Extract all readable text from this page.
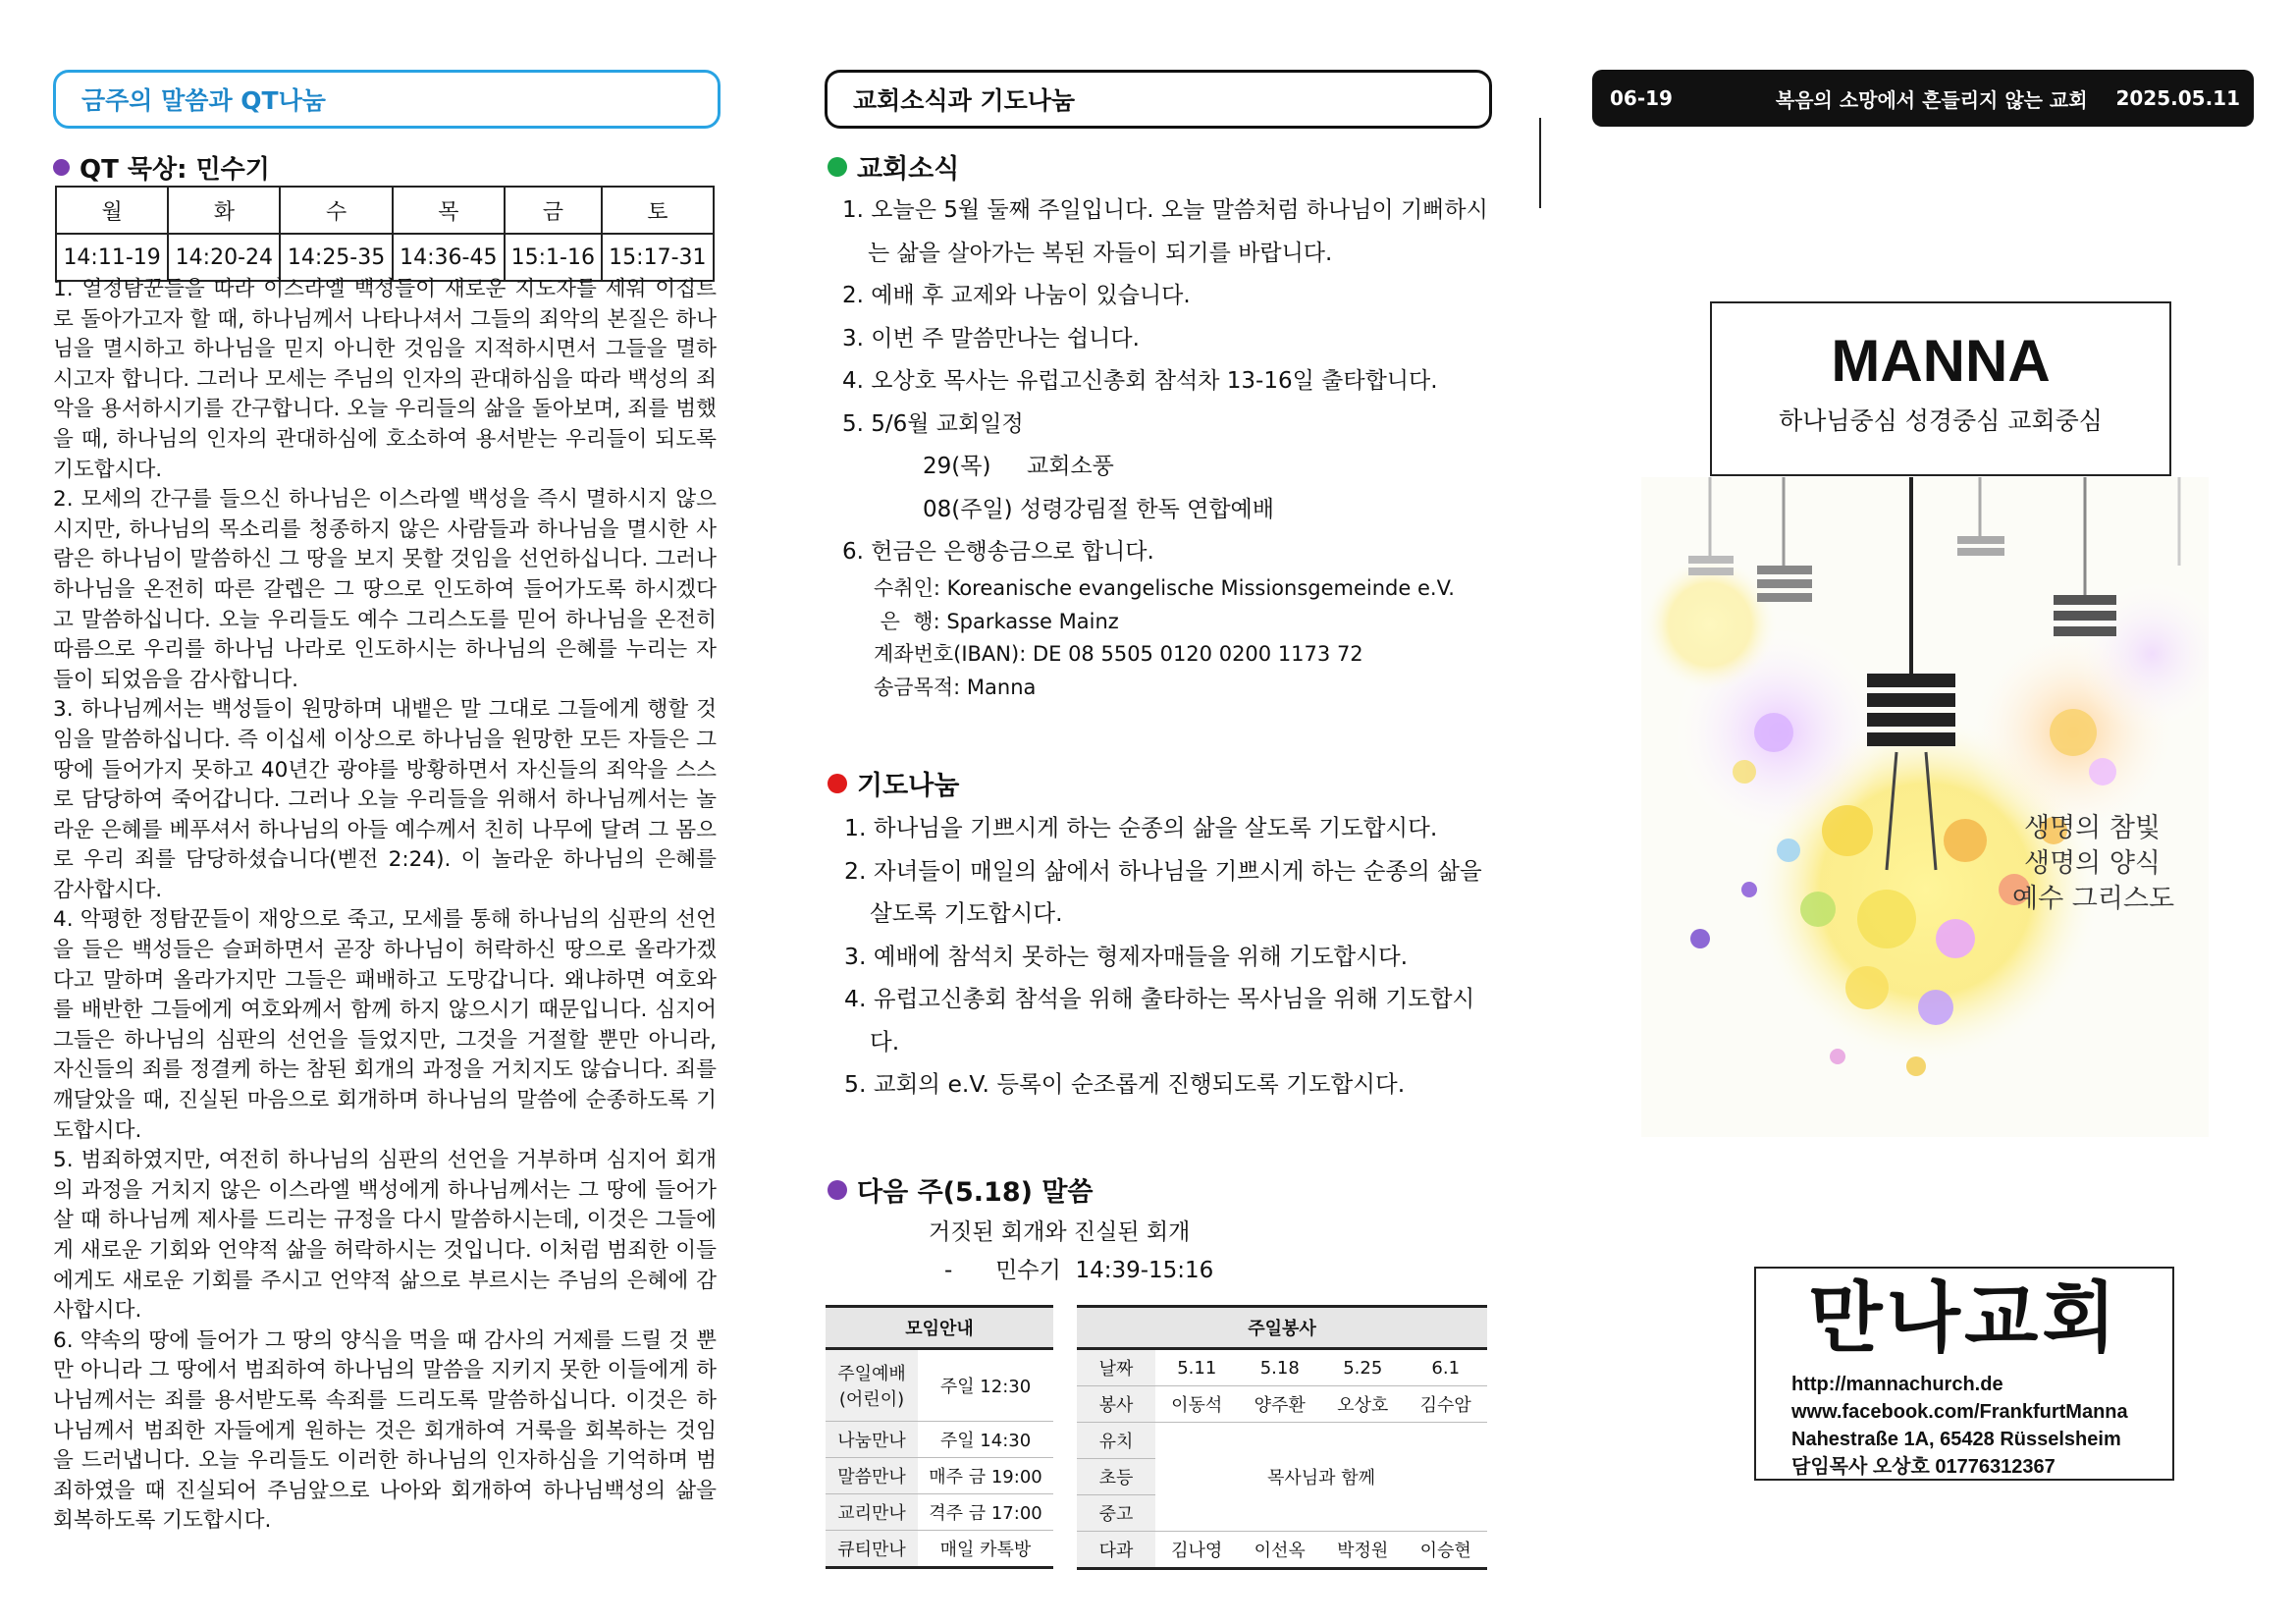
금주의 말씀과 QT나눔
QT 묵상: 민수기
월	화	수	목	금	토
14:11-19	14:20-24	14:25-35	14:36-45	15:1-16	15:17-31

1. 열정탐꾼들을 따라 이스라엘 백성들이 새로운 지도자를 세워 이집트로 돌아가고자 할 때, 하나님께서 나타나셔서 그들의 죄악의 본질은 하나님을 멸시하고 하나님을 믿지 아니한 것임을 지적하시면서 그들을 멸하시고자 합니다. 그러나 모세는 주님의 인자의 관대하심을 따라 백성의 죄악을 용서하시기를 간구합니다. 오늘 우리들의 삶을 돌아보며, 죄를 범했을 때, 하나님의 인자의 관대하심에 호소하여 용서받는 우리들이 되도록 기도합시다.
2. 모세의 간구를 들으신 하나님은 이스라엘 백성을 즉시 멸하시지 않으시지만, 하나님의 목소리를 청종하지 않은 사람들과 하나님을 멸시한 사람은 하나님이 말씀하신 그 땅을 보지 못할 것임을 선언하십니다. 그러나 하나님을 온전히 따른 갈렙은 그 땅으로 인도하여 들어가도록 하시겠다고 말씀하십니다. 오늘 우리들도 예수 그리스도를 믿어 하나님을 온전히 따름으로 우리를 하나님 나라로 인도하시는 하나님의 은혜를 누리는 자들이 되었음을 감사합니다.
3. 하나님께서는 백성들이 원망하며 내뱉은 말 그대로 그들에게 행할 것임을 말씀하십니다. 즉 이십세 이상으로 하나님을 원망한 모든 자들은 그 땅에 들어가지 못하고 40년간 광야를 방황하면서 자신들의 죄악을 스스로 담당하여 죽어갑니다. 그러나 오늘 우리들을 위해서 하나님께서는 놀라운 은혜를 베푸셔서 하나님의 아들 예수께서 친히 나무에 달려 그 몸으로 우리 죄를 담당하셨습니다(벧전 2:24). 이 놀라운 하나님의 은혜를 감사합시다.
4. 악평한 정탐꾼들이 재앙으로 죽고, 모세를 통해 하나님의 심판의 선언을 들은 백성들은 슬퍼하면서 곧장 하나님이 허락하신 땅으로 올라가겠다고 말하며 올라가지만 그들은 패배하고 도망갑니다. 왜냐하면 여호와를 배반한 그들에게 여호와께서 함께 하지 않으시기 때문입니다. 심지어 그들은 하나님의 심판의 선언을 들었지만, 그것을 거절할 뿐만 아니라, 자신들의 죄를 정결케 하는 참된 회개의 과정을 거치지도 않습니다. 죄를 깨달았을 때, 진실된 마음으로 회개하며 하나님의 말씀에 순종하도록 기도합시다.
5. 범죄하였지만, 여전히 하나님의 심판의 선언을 거부하며 심지어 회개의 과정을 거치지 않은 이스라엘 백성에게 하나님께서는 그 땅에 들어가 살 때 하나님께 제사를 드리는 규정을 다시 말씀하시는데, 이것은 그들에게 새로운 기회와 언약적 삶을 허락하시는 것입니다. 이처럼 범죄한 이들에게도 새로운 기회를 주시고 언약적 삶으로 부르시는 주님의 은혜에 감사합시다.
6. 약속의 땅에 들어가 그 땅의 양식을 먹을 때 감사의 거제를 드릴 것 뿐만 아니라 그 땅에서 범죄하여 하나님의 말씀을 지키지 못한 이들에게 하나님께서는 죄를 용서받도록 속죄를 드리도록 말씀하십니다. 이것은 하나님께서 범죄한 자들에게 원하는 것은 회개하여 거룩을 회복하는 것임을 드러냅니다. 오늘 우리들도 이러한 하나님의 인자하심을 기억하며 범죄하였을 때 진실되어 주님앞으로 나아와 회개하여 하나님백성의 삶을 회복하도록 기도합시다.

교회소식과 기도나눔
교회소식
1. 오늘은 5월 둘째 주일입니다. 오늘 말씀처럼 하나님이 기뻐하시는 삶을 살아가는 복된 자들이 되기를 바랍니다.
2. 예배 후 교제와 나눔이 있습니다.
3. 이번 주 말씀만나는 쉽니다.
4. 오상호 목사는 유럽고신총회 참석차 13-16일 출타합니다.
5. 5/6월 교회일정
29(목)     교회소풍
08(주일) 성령강림절 한독 연합예배
6. 헌금은 은행송금으로 합니다.
수취인: Koreanische evangelische Missionsgemeinde e.V.
은  행: Sparkasse Mainz
계좌번호(IBAN): DE 08 5505 0120 0200 1173 72
송금목적: Manna
기도나눔
1. 하나님을 기쁘시게 하는 순종의 삶을 살도록 기도합시다.
2. 자녀들이 매일의 삶에서 하나님을 기쁘시게 하는 순종의 삶을 살도록 기도합시다.
3. 예배에 참석치 못하는 형제자매들을 위해 기도합시다.
4. 유럽고신총회 참석을 위해 출타하는 목사님을 위해 기도합시다.
5. 교회의 e.V. 등록이 순조롭게 진행되도록 기도합시다.
다음 주(5.18) 말씀
거짓된 회개와 진실된 회개
-      민수기  14:39-15:16
모임안내	
주일예배
(어린이)	주일 12:30
나눔만나	주일 14:30
말씀만나	매주 금 19:00
교리만나	격주 금 17:00
큐티만나	매일 카톡방
주일봉사				
날짜	5.11	5.18	5.25	6.1
봉사	이동석	양주환	오상호	김수암
유치	목사님과 함께			
초등				
중고				
다과	김나영	이선옥	박정원	이승현
06-19	복음의 소망에서 흔들리지 않는 교회	2025.05.11
생명의 참빛
생명의 양식
예수 그리스도
MANNA
하나님중심 성경중심 교회중심
만나교회
http://mannachurch.de
www.facebook.com/FrankfurtManna
Nahestraße 1A, 65428 Rüsselsheim
담임목사 오상호 01776312367
